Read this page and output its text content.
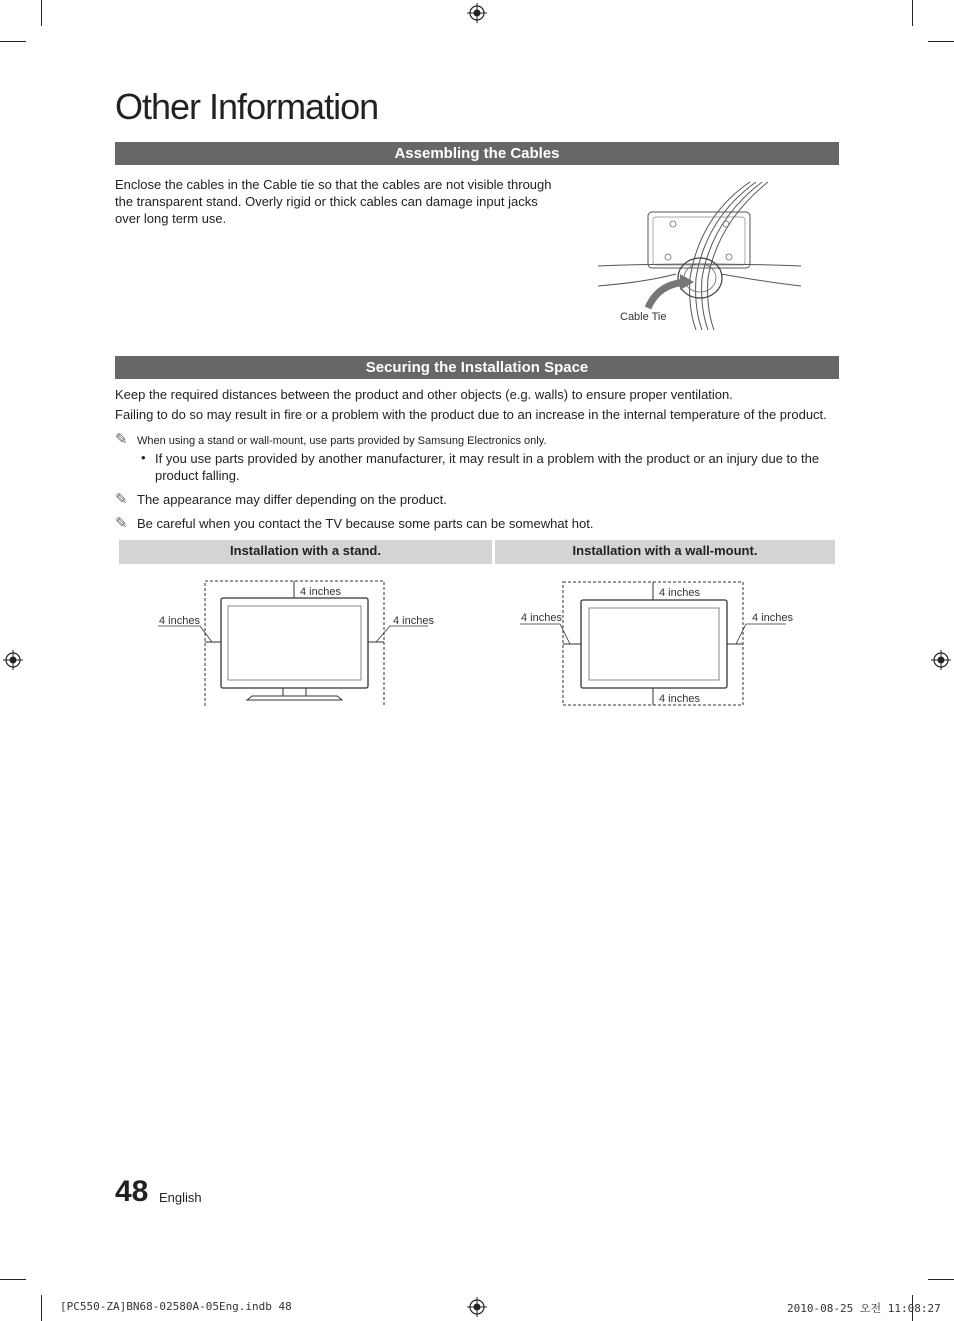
Other Information
Assembling the Cables

Enclose the cables in the Cable tie so that the cables are not visible through the transparent stand. Overly rigid or thick cables can damage input jacks over long term use.

Cable Tie
Securing the Installation Space

Keep the required distances between the product and other objects (e.g. walls) to ensure proper ventilation.

Failing to do so may result in fire or a problem with the product due to an increase in the internal temperature of the product.

✎ When using a stand or wall-mount, use parts provided by Samsung Electronics only.
• If you use parts provided by another manufacturer, it may result in a problem with the product or an injury due to the product falling.

✎ The appearance may differ depending on the product.
✎ Be careful when you contact the TV because some parts can be somewhat hot.
Installation with a stand.	Installation with a wall-mount.
4 inches
4 inches	4 inches
4 inches
4 inches	4 inches
4 inches
48 English
[PC550-ZA]BN68-02580A-05Eng.indb 48	2010-08-25 오전 11:08:27
